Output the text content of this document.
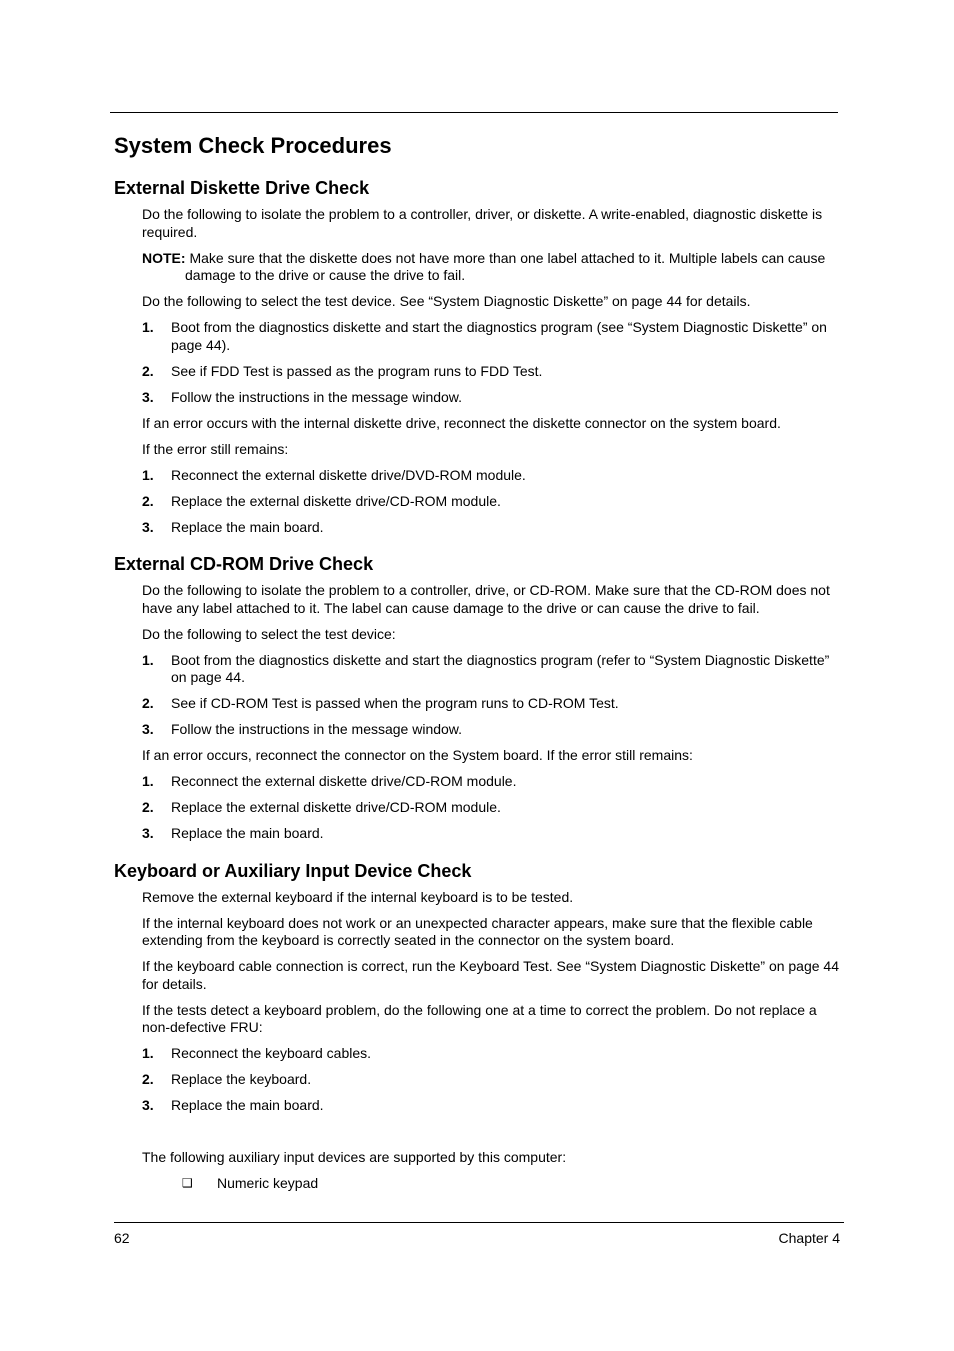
System Check Procedures
External Diskette Drive Check

Do the following to isolate the problem to a controller, driver, or diskette. A write-enabled, diagnostic diskette is required.

NOTE: Make sure that the diskette does not have more than one label attached to it. Multiple labels can cause damage to the drive or cause the drive to fail.

Do the following to select the test device. See “System Diagnostic Diskette” on page 44 for details.

1.	Boot from the diagnostics diskette and start the diagnostics program (see “System Diagnostic Diskette” on page 44).
2.	See if FDD Test is passed as the program runs to FDD Test.
3.	Follow the instructions in the message window.

If an error occurs with the internal diskette drive, reconnect the diskette connector on the system board.

If the error still remains:

1.	Reconnect the external diskette drive/DVD-ROM module.
2.	Replace the external diskette drive/CD-ROM module.
3.	Replace the main board.
External CD-ROM Drive Check

Do the following to isolate the problem to a controller, drive, or CD-ROM. Make sure that the CD-ROM does not have any label attached to it. The label can cause damage to the drive or can cause the drive to fail.

Do the following to select the test device:

1.	Boot from the diagnostics diskette and start the diagnostics program (refer to “System Diagnostic Diskette” on page 44.
2.	See if CD-ROM Test is passed when the program runs to CD-ROM Test.
3.	Follow the instructions in the message window.

If an error occurs, reconnect the connector on the System board. If the error still remains:

1.	Reconnect the external diskette drive/CD-ROM module.
2.	Replace the external diskette drive/CD-ROM module.
3.	Replace the main board.
Keyboard or Auxiliary Input Device Check

Remove the external keyboard if the internal keyboard is to be tested.

If the internal keyboard does not work or an unexpected character appears, make sure that the flexible cable extending from the keyboard is correctly seated in the connector on the system board.

If the keyboard cable connection is correct, run the Keyboard Test. See “System Diagnostic Diskette” on page 44 for details.

If the tests detect a keyboard problem, do the following one at a time to correct the problem. Do not replace a non-defective FRU:

1.	Reconnect the keyboard cables.
2.	Replace the keyboard.
3.	Replace the main board.

The following auxiliary input devices are supported by this computer:

❑	Numeric keypad
62	Chapter 4
